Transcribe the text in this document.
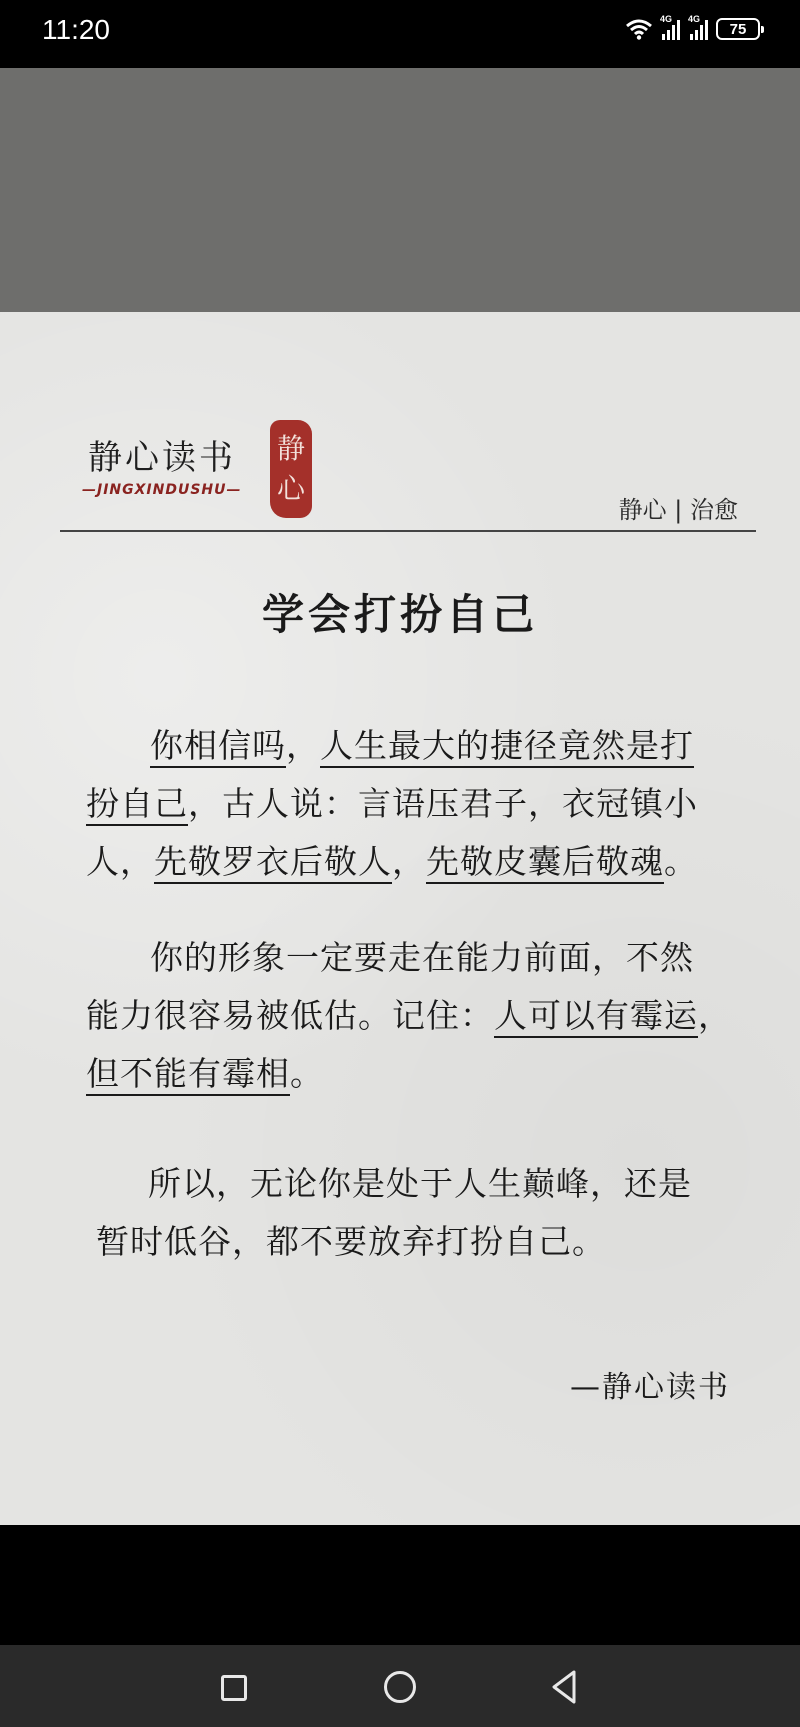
11:20	4G 4G
75
静心读书
—JINGXINDUSHU—
静
心
静心 | 治愈
学会打扮自己
你相信吗，人生最大的捷径竟然是打
扮自己，古人说：言语压君子，衣冠镇小
人，先敬罗衣后敬人，先敬皮囊后敬魂。
你的形象一定要走在能力前面，不然
能力很容易被低估。记住：人可以有霉运，
但不能有霉相。
所以，无论你是处于人生巅峰，还是
暂时低谷，都不要放弃打扮自己。
—静心读书
